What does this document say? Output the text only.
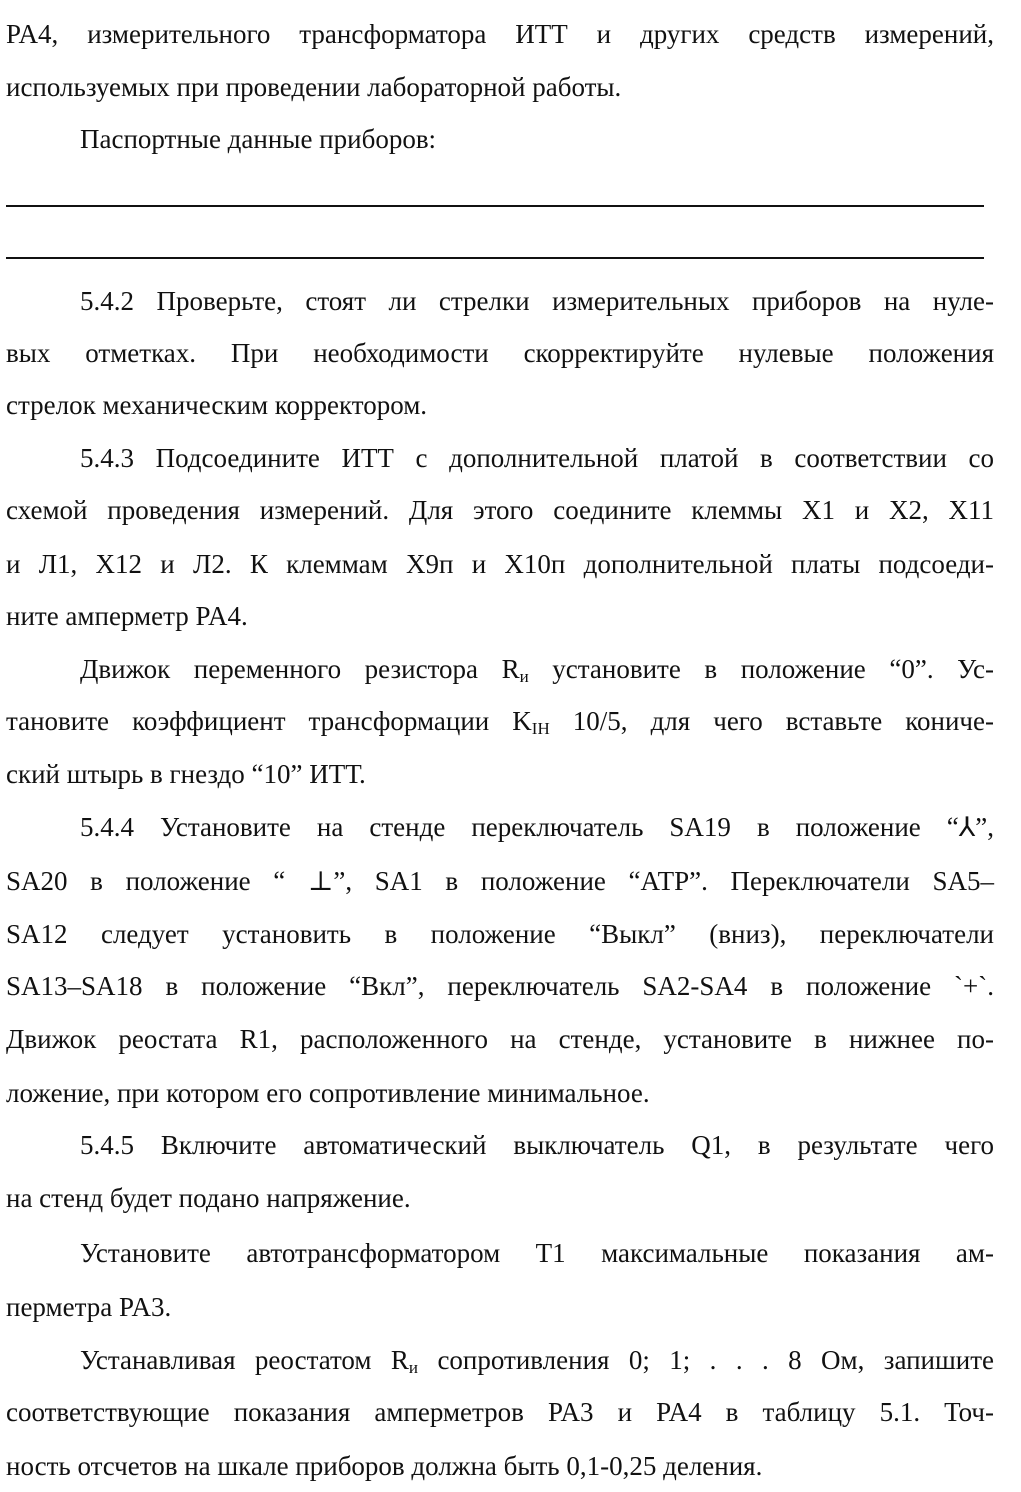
PA4, измерительного трансформатора ИТТ и других средств измерений,
используемых при проведении лабораторной работы.
Паспортные данные приборов:
5.4.2 Проверьте, стоят ли стрелки измерительных приборов на нуле-
вых отметках. При необходимости скорректируйте нулевые положения
стрелок механическим корректором.
5.4.3 Подсоедините ИТТ с дополнительной платой в соответствии со
схемой проведения измерений. Для этого соедините клеммы X1 и X2, X11
и Л1, X12 и Л2. К клеммам X9п и X10п дополнительной платы подсоеди-
ните амперметр PA4.
Движок переменного резистора $R_и$ установите в положение “0”. Ус-
тановите коэффициент трансформации $K_{IH}$ 10/5, для чего вставьте кониче-
ский штырь в гнездо “10” ИТТ.
5.4.4 Установите на стенде переключатель SA19 в положение “⅄”,
SA20 в положение “ ⊥”, SA1 в положение “АТР”. Переключатели SA5–
SA12 следует установить в положение “Выкл” (вниз), переключатели
SA13–SA18 в положение “Вкл”, переключатель SA2-SA4 в положение `+`.
Движок реостата R1, расположенного на стенде, установите в нижнее по-
ложение, при котором его сопротивление минимальное.
5.4.5 Включите автоматический выключатель Q1, в результате чего
на стенд будет подано напряжение.
Установите автотрансформатором T1 максимальные показания ам-
перметра PA3.
Устанавливая реостатом $R_и$ сопротивления 0; 1; . . . 8 Ом, запишите
соответствующие показания амперметров PA3 и PA4 в таблицу 5.1. Точ-
ность отсчетов на шкале приборов должна быть 0,1-0,25 деления.
